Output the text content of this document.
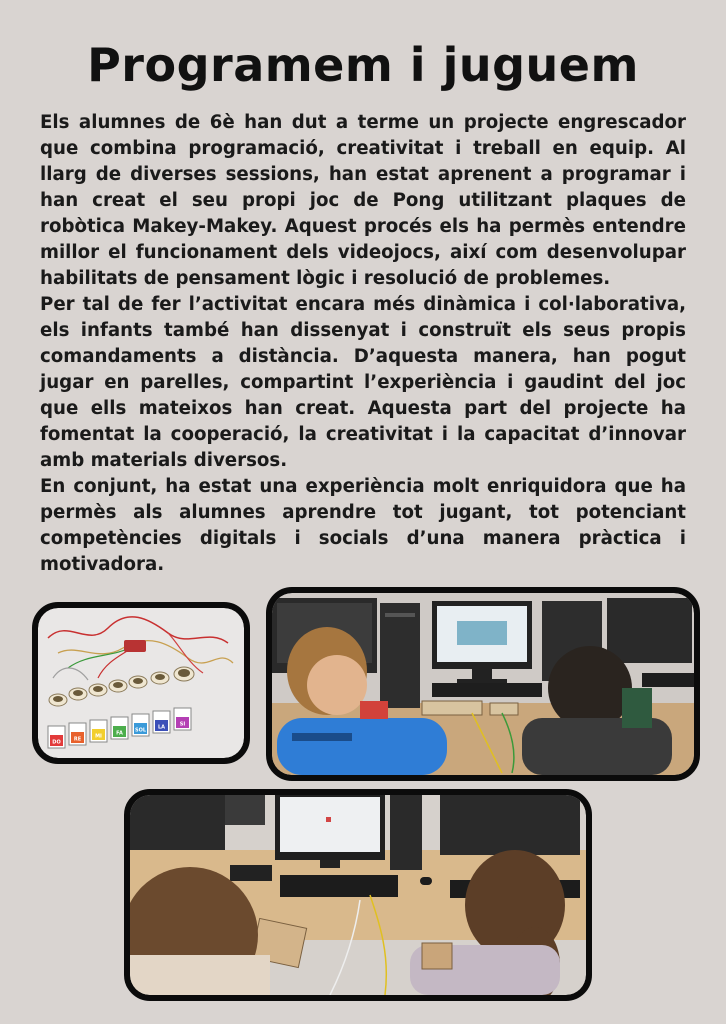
Programem i juguem

Els alumnes de 6è han dut a terme un projecte engrescador que combina programació, creativitat i treball en equip. Al llarg de diverses sessions, han estat aprenent a programar i han creat el seu propi joc de Pong utilitzant plaques de robòtica Makey-Makey. Aquest procés els ha permès entendre millor el funcionament dels videojocs, així com desenvolupar habilitats de pensament lògic i resolució de problemes.

Per tal de fer l’activitat encara més dinàmica i col·laborativa, els infants també han dissenyat i construït els seus propis comandaments a distància. D’aquesta manera, han pogut jugar en parelles, compartint l’experiència i gaudint del joc que ells mateixos han creat. Aquesta part del projecte ha fomentat la cooperació, la creativitat i la capacitat d’innovar amb materials diversos.

En conjunt, ha estat una experiència molt enriquidora que ha permès als alumnes aprendre tot jugant, tot potenciant competències digitals i socials d’una manera pràctica i motivadora.

DO	RE	MI	FA SOL LA	SI
